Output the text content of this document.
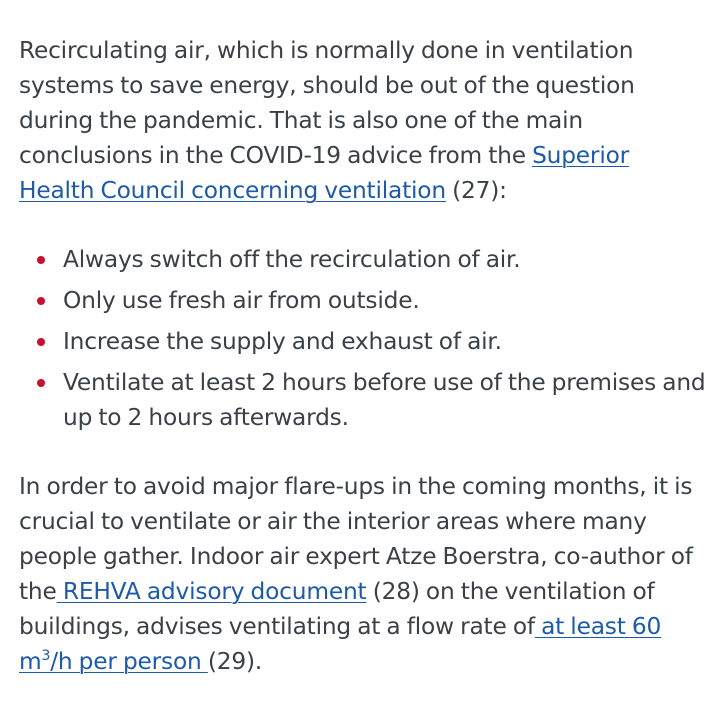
Recirculating air, which is normally done in ventilation systems to save energy, should be out of the question during the pandemic. That is also one of the main conclusions in the COVID-19 advice from the Superior Health Council concerning ventilation (27):

Always switch off the recirculation of air.
Only use fresh air from outside.
Increase the supply and exhaust of air.
Ventilate at least 2 hours before use of the premises and up to 2 hours afterwards.

In order to avoid major flare-ups in the coming months, it is crucial to ventilate or air the interior areas where many people gather. Indoor air expert Atze Boerstra, co-author of the REHVA advisory document (28) on the ventilation of buildings, advises ventilating at a flow rate of at least 60 m$^3$/h per person (29).
